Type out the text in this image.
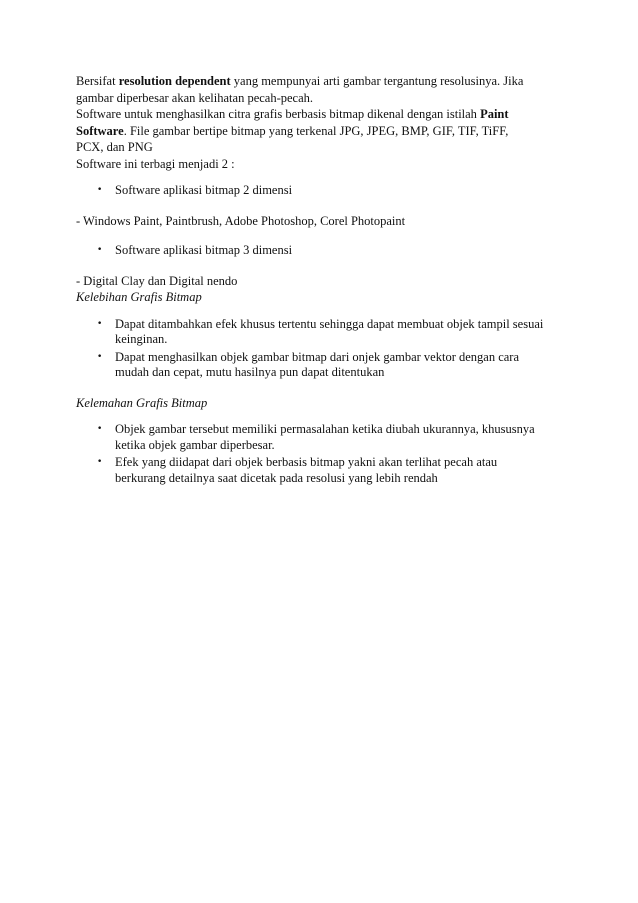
Bersifat resolution dependent yang mempunyai arti gambar tergantung resolusinya. Jika
gambar diperbesar akan kelihatan pecah-pecah.
Software untuk menghasilkan citra grafis berbasis bitmap dikenal dengan istilah Paint
Software. File gambar bertipe bitmap yang terkenal JPG, JPEG, BMP, GIF, TIF, TiFF,
PCX, dan PNG
Software ini terbagi menjadi 2 :
• Software aplikasi bitmap 2 dimensi
- Windows Paint, Paintbrush, Adobe Photoshop, Corel Photopaint
• Software aplikasi bitmap 3 dimensi
- Digital Clay dan Digital nendo
Kelebihan Grafis Bitmap
• Dapat ditambahkan efek khusus tertentu sehingga dapat membuat objek tampil sesuai
keinginan.
• Dapat menghasilkan objek gambar bitmap dari onjek gambar vektor dengan cara
mudah dan cepat, mutu hasilnya pun dapat ditentukan
Kelemahan Grafis Bitmap
• Objek gambar tersebut memiliki permasalahan ketika diubah ukurannya, khususnya
ketika objek gambar diperbesar.
• Efek yang diidapat dari objek berbasis bitmap yakni akan terlihat pecah atau
berkurang detailnya saat dicetak pada resolusi yang lebih rendah
